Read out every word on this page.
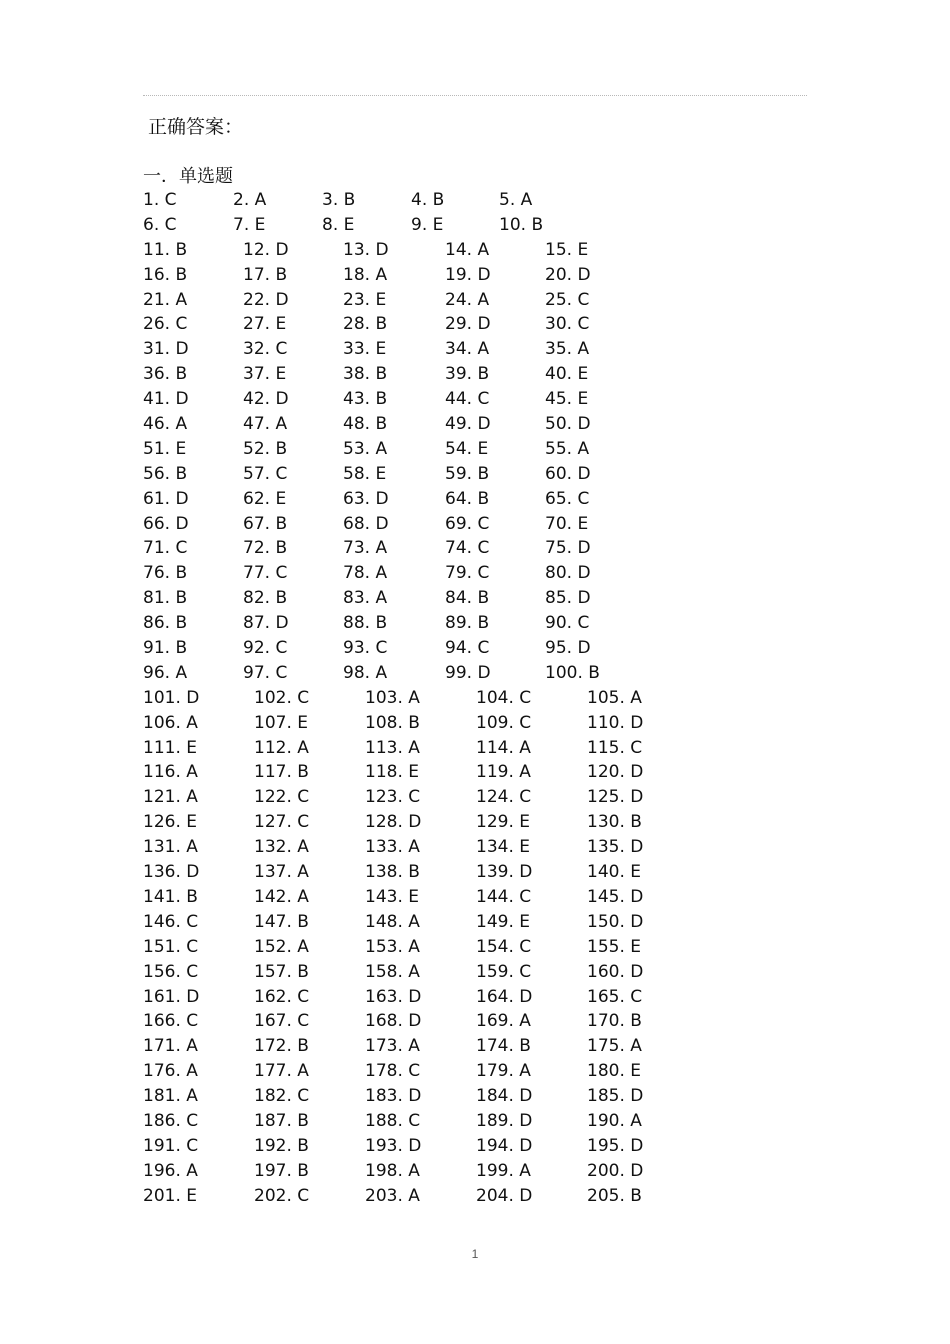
正确答案：
一．单选题
1. C	2. A	3. B	4. B	5. A
6. C	7. E	8. E	9. E	10. B
11. B	12. D	13. D	14. A	15. E
16. B	17. B	18. A	19. D	20. D
21. A	22. D	23. E	24. A	25. C
26. C	27. E	28. B	29. D	30. C
31. D	32. C	33. E	34. A	35. A
36. B	37. E	38. B	39. B	40. E
41. D	42. D	43. B	44. C	45. E
46. A	47. A	48. B	49. D	50. D
51. E	52. B	53. A	54. E	55. A
56. B	57. C	58. E	59. B	60. D
61. D	62. E	63. D	64. B	65. C
66. D	67. B	68. D	69. C	70. E
71. C	72. B	73. A	74. C	75. D
76. B	77. C	78. A	79. C	80. D
81. B	82. B	83. A	84. B	85. D
86. B	87. D	88. B	89. B	90. C
91. B	92. C	93. C	94. C	95. D
96. A	97. C	98. A	99. D	100. B
101. D	102. C	103. A	104. C	105. A
106. A	107. E	108. B	109. C	110. D
111. E	112. A	113. A	114. A	115. C
116. A	117. B	118. E	119. A	120. D
121. A	122. C	123. C	124. C	125. D
126. E	127. C	128. D	129. E	130. B
131. A	132. A	133. A	134. E	135. D
136. D	137. A	138. B	139. D	140. E
141. B	142. A	143. E	144. C	145. D
146. C	147. B	148. A	149. E	150. D
151. C	152. A	153. A	154. C	155. E
156. C	157. B	158. A	159. C	160. D
161. D	162. C	163. D	164. D	165. C
166. C	167. C	168. D	169. A	170. B
171. A	172. B	173. A	174. B	175. A
176. A	177. A	178. C	179. A	180. E
181. A	182. C	183. D	184. D	185. D
186. C	187. B	188. C	189. D	190. A
191. C	192. B	193. D	194. D	195. D
196. A	197. B	198. A	199. A	200. D
201. E	202. C	203. A	204. D	205. B
1
